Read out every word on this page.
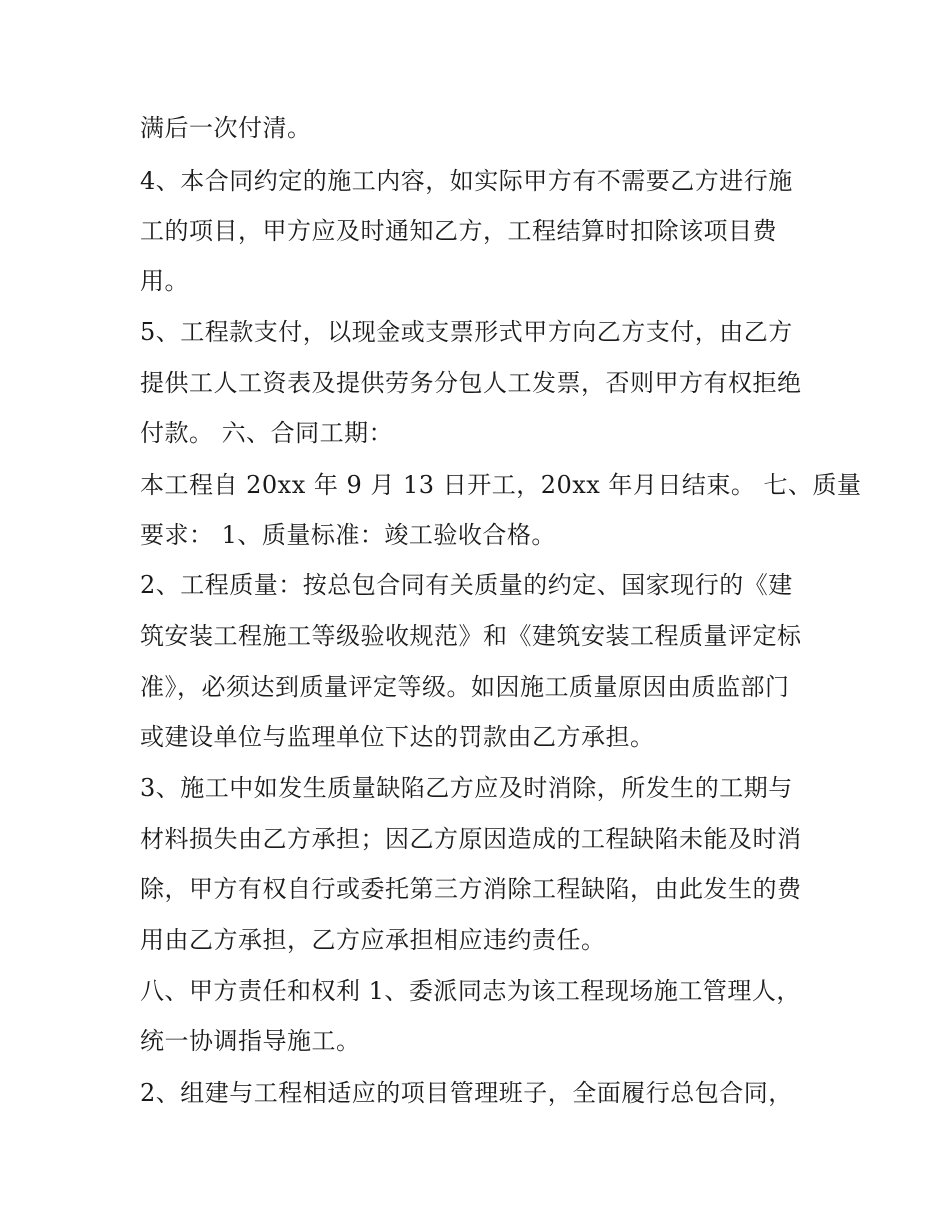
满后一次付清。
4、本合同约定的施工内容，如实际甲方有不需要乙方进行施
工的项目，甲方应及时通知乙方，工程结算时扣除该项目费
用。
5、工程款支付，以现金或支票形式甲方向乙方支付，由乙方
提供工人工资表及提供劳务分包人工发票，否则甲方有权拒绝
付款。 六、合同工期：
本工程自 20xx 年 9 月 13 日开工，20xx 年月日结束。 七、质量
要求： 1、质量标准：竣工验收合格。
2、工程质量：按总包合同有关质量的约定、国家现行的《建
筑安装工程施工等级验收规范》和《建筑安装工程质量评定标
准》，必须达到质量评定等级。如因施工质量原因由质监部门
或建设单位与监理单位下达的罚款由乙方承担。
3、施工中如发生质量缺陷乙方应及时消除，所发生的工期与
材料损失由乙方承担；因乙方原因造成的工程缺陷未能及时消
除，甲方有权自行或委托第三方消除工程缺陷，由此发生的费
用由乙方承担，乙方应承担相应违约责任。
八、甲方责任和权利 1、委派同志为该工程现场施工管理人，
统一协调指导施工。
2、组建与工程相适应的项目管理班子，全面履行总包合同，
